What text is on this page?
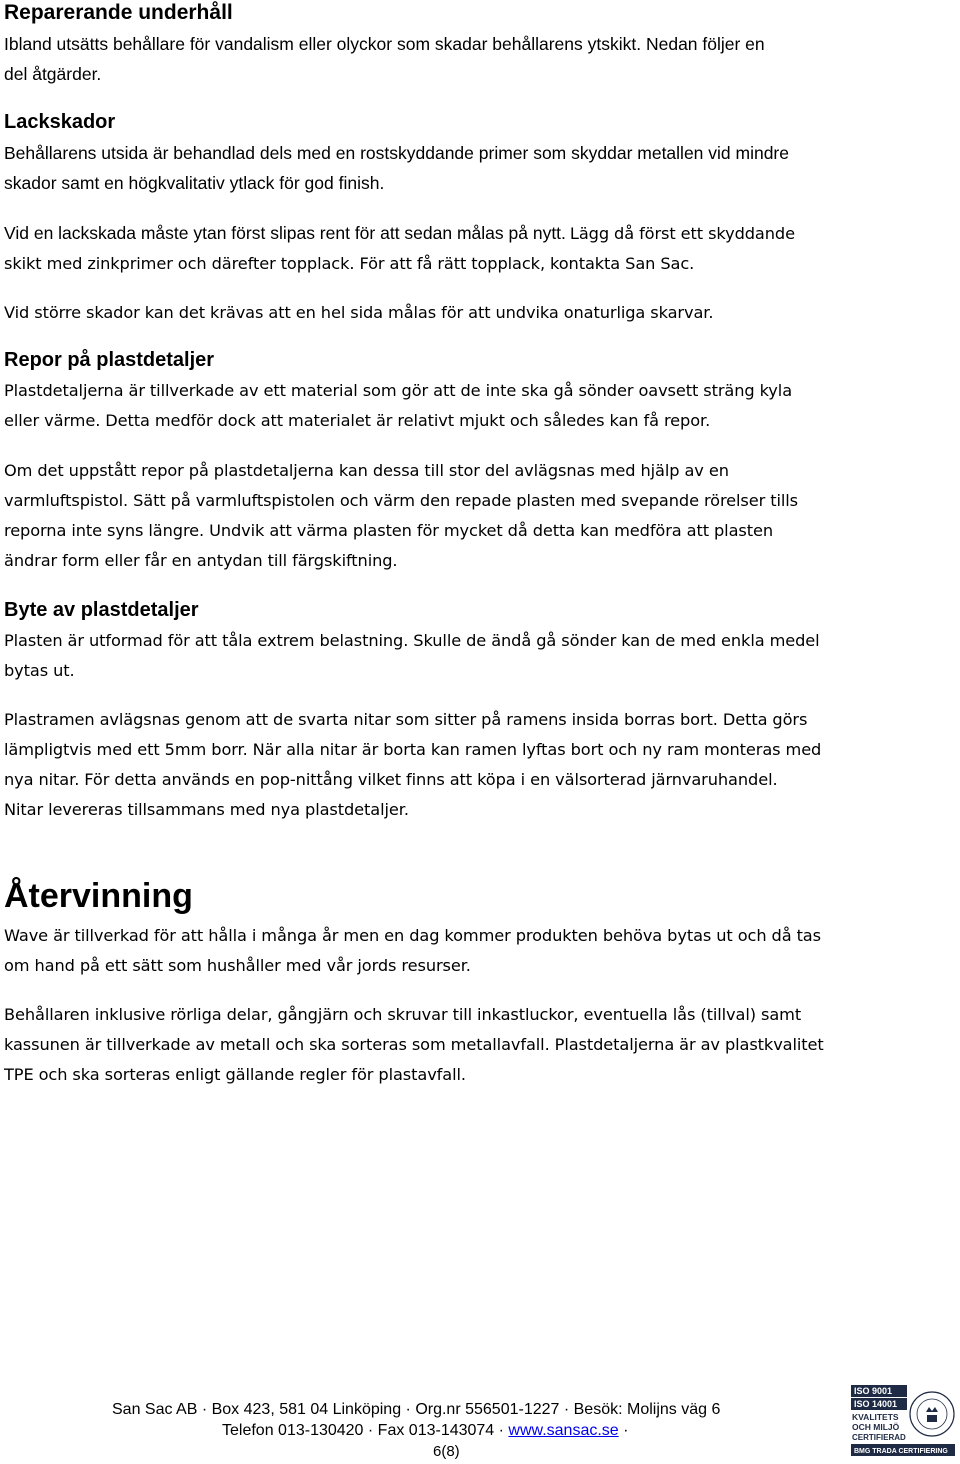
Reparerande underhåll

Ibland utsätts behållare för vandalism eller olyckor som skadar behållarens ytskikt. Nedan följer en

del åtgärder.

Lackskador

Behållarens utsida är behandlad dels med en rostskyddande primer som skyddar metallen vid mindre

skador samt en högkvalitativ ytlack för god finish.

Vid en lackskada måste ytan först slipas rent för att sedan målas på nytt.

Lägg då först ett skyddande

skikt med zinkprimer och därefter topplack. För att få rätt topplack, kontakta San Sac.

Vid större skador kan det krävas att en hel sida målas för att undvika onaturliga skarvar.

Repor på plastdetaljer

Plastdetaljerna är tillverkade av ett material som gör att de inte ska gå sönder oavsett sträng kyla

eller värme. Detta medför dock att materialet är relativt mjukt och således kan få repor.

Om det uppstått repor på plastdetaljerna kan dessa till stor del avlägsnas med hjälp av en

varmluftspistol. Sätt på varmluftspistolen och värm den repade plasten med svepande rörelser tills

reporna inte syns längre. Undvik att värma plasten för mycket då detta kan medföra att plasten

ändrar form eller får en antydan till färgskiftning.

Byte av plastdetaljer

Plasten är utformad för att tåla extrem belastning. Skulle de ändå gå sönder kan de med enkla medel

bytas ut.

Plastramen avlägsnas genom att de svarta nitar som sitter på ramens insida borras bort. Detta görs

lämpligtvis med ett 5mm borr. När alla nitar är borta kan ramen lyftas bort och ny ram monteras med

nya nitar. För detta används en pop-nittång vilket finns att köpa i en välsorterad järnvaruhandel.

Nitar levereras tillsammans med nya plastdetaljer.

Återvinning

Wave är tillverkad för att hålla i många år men en dag kommer produkten behöva bytas ut och då tas

om hand på ett sätt som hushåller med vår jords resurser.

Behållaren inklusive rörliga delar, gångjärn och skruvar till inkastluckor, eventuella lås (tillval) samt

kassunen är tillverkade av metall och ska sorteras som metallavfall. Plastdetaljerna är av plastkvalitet

TPE och ska sorteras enligt gällande regler för plastavfall.

San Sac AB · Box 423, 581 04 Linköping · Org.nr 556501-1227 · Besök: Molijns väg 6
Telefon 013-130420 · Fax 013-143074 · www.sansac.se ·
6(8)
ISO 9001
ISO 14001
KVALITETS
OCH MILJÖ
CERTIFIERAD
BMG TRADA CERTIFIERING
